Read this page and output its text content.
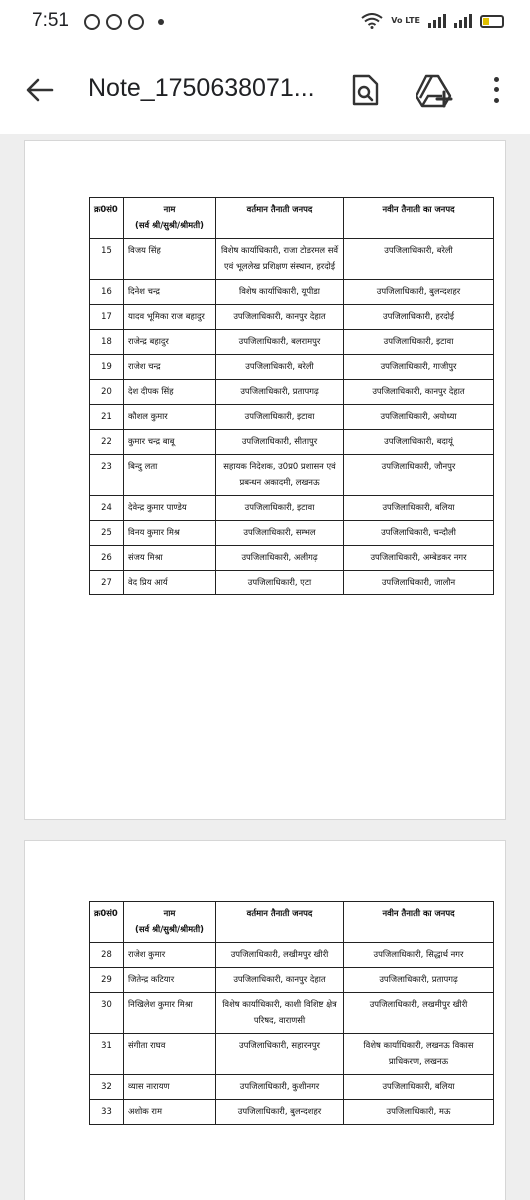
7:51	Vo LTE
Note_1750638071...
क्र0सं0	नाम
(सर्व श्री/सुश्री/श्रीमती)	वर्तमान तैनाती जनपद	नवीन तैनाती का जनपद
15	विजय सिंह	विशेष कार्याधिकारी, राजा टोडरमल सर्वे एवं भूललेख प्रशिक्षण संस्थान, हरदोई	उपजिलाधिकारी, बरेली
16	दिनेश चन्द्र	विशेष कार्याधिकारी, यूपीडा	उपजिलाधिकारी, बुलन्दशहर
17	यादव भूमिका राज बहादुर	उपजिलाधिकारी, कानपुर देहात	उपजिलाधिकारी, हरदोई
18	राजेन्द्र बहादुर	उपजिलाधिकारी, बलरामपुर	उपजिलाधिकारी, इटावा
19	राजेश चन्द्र	उपजिलाधिकारी, बरेली	उपजिलाधिकारी, गाजीपुर
20	देश दीपक सिंह	उपजिलाधिकारी, प्रतापगढ़	उपजिलाधिकारी, कानपुर देहात
21	कौशल कुमार	उपजिलाधिकारी, इटावा	उपजिलाधिकारी, अयोध्या
22	कुमार चन्द्र बाबू	उपजिलाधिकारी, सीतापुर	उपजिलाधिकारी, बदायूं
23	बिन्दु लता	सहायक निदेशक, उ0प्र0 प्रशासन एवं प्रबन्धन अकादमी, लखनऊ	उपजिलाधिकारी, जौनपुर
24	देवेन्द्र कुमार पाण्डेय	उपजिलाधिकारी, इटावा	उपजिलाधिकारी, बलिया
25	विनय कुमार मिश्र	उपजिलाधिकारी, सम्भल	उपजिलाधिकारी, चन्दौली
26	संजय मिश्रा	उपजिलाधिकारी, अलीगढ़	उपजिलाधिकारी, अम्बेडकर नगर
27	वेद प्रिय आर्य	उपजिलाधिकारी, एटा	उपजिलाधिकारी, जालौन
क्र0सं0	नाम
(सर्व श्री/सुश्री/श्रीमती)	वर्तमान तैनाती जनपद	नवीन तैनाती का जनपद
28	राजेश कुमार	उपजिलाधिकारी, लखीमपुर खीरी	उपजिलाधिकारी, सिद्धार्थ नगर
29	जितेन्द्र कटियार	उपजिलाधिकारी, कानपुर देहात	उपजिलाधिकारी, प्रतापगढ़
30	निखिलेश कुमार मिश्रा	विशेष कार्याधिकारी, काशी विशिष्ट क्षेत्र परिषद, वाराणसी	उपजिलाधिकारी, लखमीपुर खीरी
31	संगीता राघव	उपजिलाधिकारी, सहारनपुर	विशेष कार्याधिकारी, लखनऊ विकास प्राधिकरण, लखनऊ
32	व्यास नारायण	उपजिलाधिकारी, कुशीनगर	उपजिलाधिकारी, बलिया
33	अशोक राम	उपजिलाधिकारी, बुलन्दशहर	उपजिलाधिकारी, मऊ
